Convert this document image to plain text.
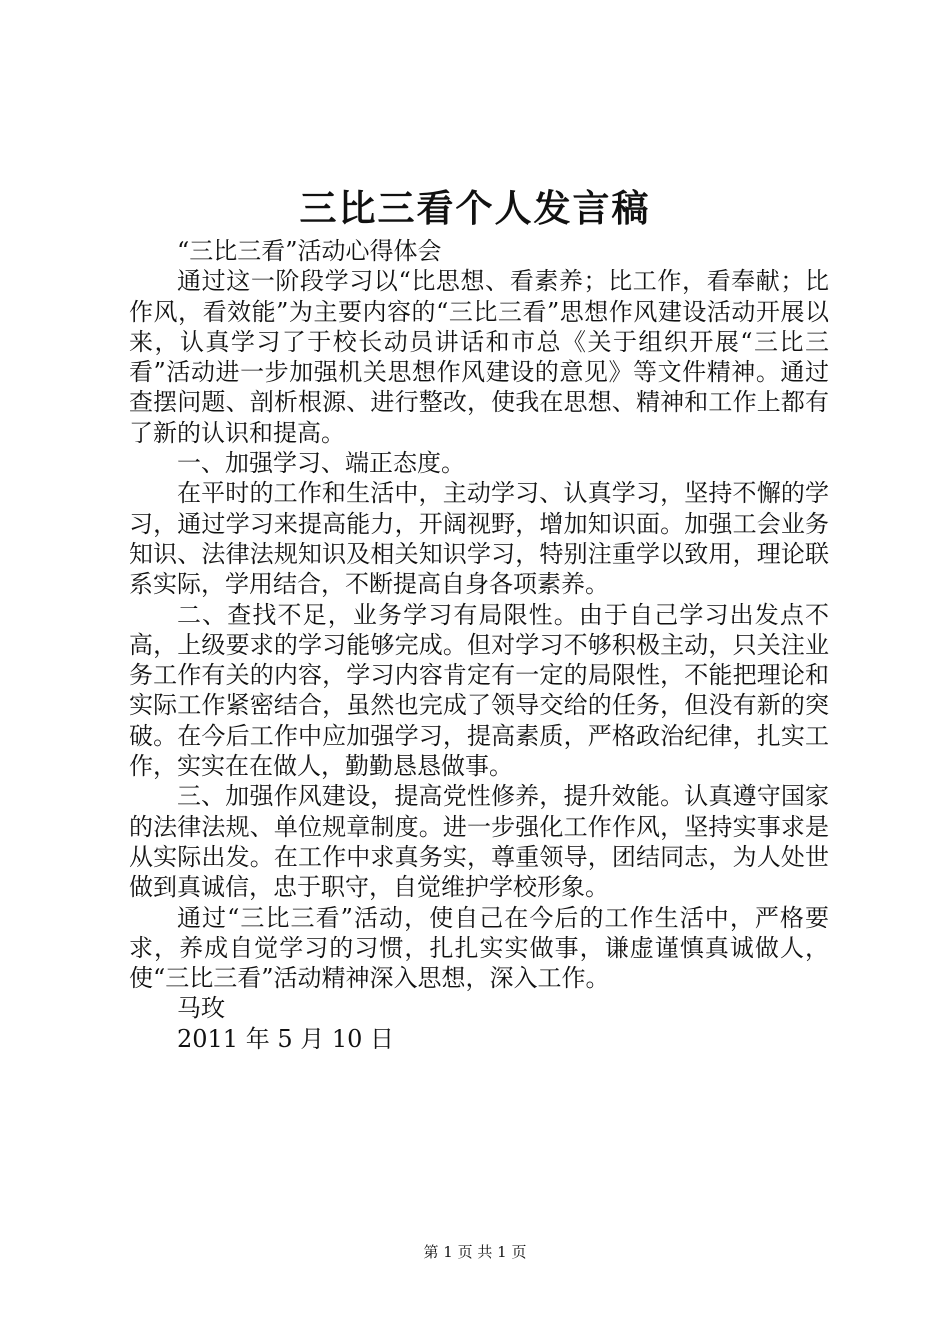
三比三看个人发言稿

“三比三看”活动心得体会

通过这一阶段学习以“比思想、看素养；比工作，看奉献；比作风，看效能”为主要内容的“三比三看”思想作风建设活动开展以来，认真学习了于校长动员讲话和市总《关于组织开展“三比三看”活动进一步加强机关思想作风建设的意见》等文件精神。通过查摆问题、剖析根源、进行整改，使我在思想、精神和工作上都有了新的认识和提高。

一、加强学习、端正态度。

在平时的工作和生活中，主动学习、认真学习，坚持不懈的学习，通过学习来提高能力，开阔视野，增加知识面。加强工会业务知识、法律法规知识及相关知识学习，特别注重学以致用，理论联系实际，学用结合，不断提高自身各项素养。

二、查找不足，业务学习有局限性。由于自己学习出发点不高，上级要求的学习能够完成。但对学习不够积极主动，只关注业务工作有关的内容，学习内容肯定有一定的局限性，不能把理论和实际工作紧密结合，虽然也完成了领导交给的任务，但没有新的突破。在今后工作中应加强学习，提高素质，严格政治纪律，扎实工作，实实在在做人，勤勤恳恳做事。

三、加强作风建设，提高党性修养，提升效能。认真遵守国家的法律法规、单位规章制度。进一步强化工作作风，坚持实事求是从实际出发。在工作中求真务实，尊重领导，团结同志，为人处世做到真诚信，忠于职守，自觉维护学校形象。

通过“三比三看”活动，使自己在今后的工作生活中，严格要求，养成自觉学习的习惯，扎扎实实做事，谦虚谨慎真诚做人，使“三比三看”活动精神深入思想，深入工作。

马玫

2011 年 5 月 10 日

第 1 页 共 1 页
